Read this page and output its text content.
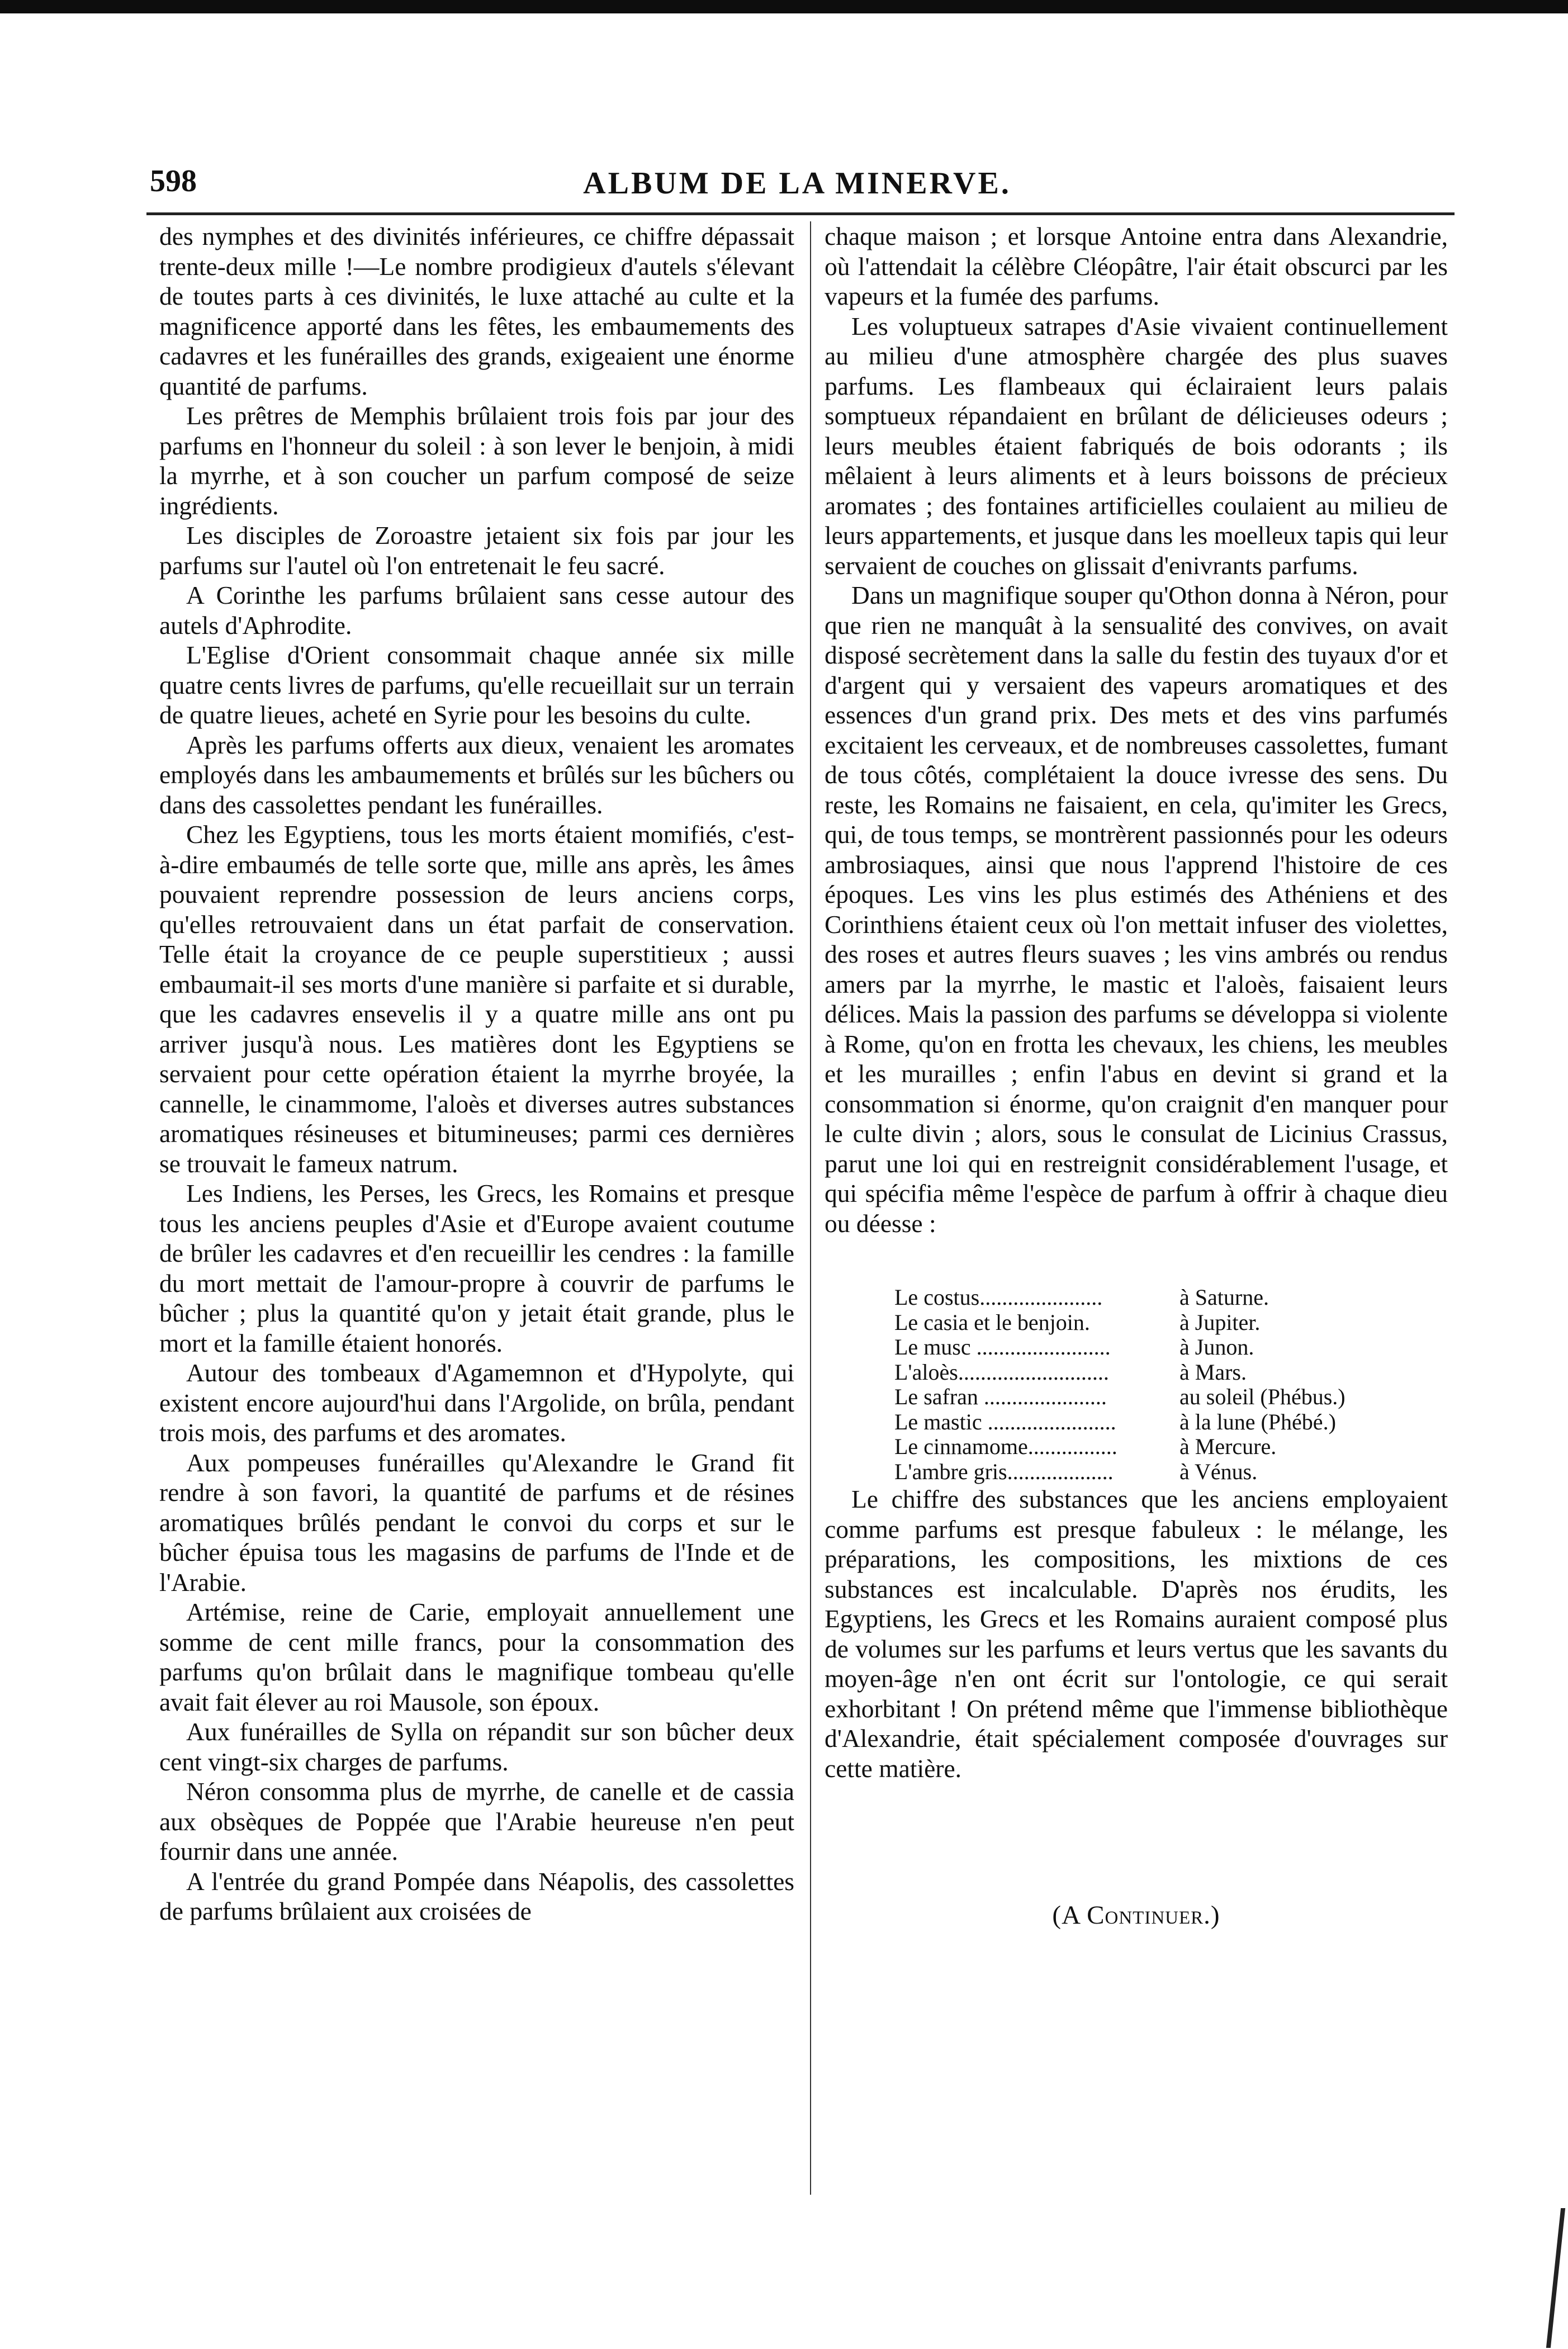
598	ALBUM DE LA MINERVE.

des nymphes et des divinités inférieures, ce chiffre dépassait trente-deux mille !—Le nombre prodigieux d'autels s'élevant de toutes parts à ces divinités, le luxe attaché au culte et la magnificence apporté dans les fêtes, les embaumements des cadavres et les funérailles des grands, exigeaient une énorme quantité de parfums.

Les prêtres de Memphis brûlaient trois fois par jour des parfums en l'honneur du soleil : à son lever le benjoin, à midi la myrrhe, et à son coucher un parfum composé de seize ingrédients.

Les disciples de Zoroastre jetaient six fois par jour les parfums sur l'autel où l'on entretenait le feu sacré.

A Corinthe les parfums brûlaient sans cesse autour des autels d'Aphrodite.

L'Eglise d'Orient consommait chaque année six mille quatre cents livres de parfums, qu'elle recueillait sur un terrain de quatre lieues, acheté en Syrie pour les besoins du culte.

Après les parfums offerts aux dieux, venaient les aromates employés dans les ambaumements et brûlés sur les bûchers ou dans des cassolettes pendant les funérailles.

Chez les Egyptiens, tous les morts étaient momifiés, c'est-à-dire embaumés de telle sorte que, mille ans après, les âmes pouvaient reprendre possession de leurs anciens corps, qu'elles retrouvaient dans un état parfait de conservation. Telle était la croyance de ce peuple superstitieux ; aussi embaumait-il ses morts d'une manière si parfaite et si durable, que les cadavres ensevelis il y a quatre mille ans ont pu arriver jusqu'à nous. Les matières dont les Egyptiens se servaient pour cette opération étaient la myrrhe broyée, la cannelle, le cinammome, l'aloès et diverses autres substances aromatiques résineuses et bitumineuses; parmi ces dernières se trouvait le fameux natrum.

Les Indiens, les Perses, les Grecs, les Romains et presque tous les anciens peuples d'Asie et d'Europe avaient coutume de brûler les cadavres et d'en recueillir les cendres : la famille du mort mettait de l'amour-propre à couvrir de parfums le bûcher ; plus la quantité qu'on y jetait était grande, plus le mort et la famille étaient honorés.

Autour des tombeaux d'Agamemnon et d'Hypolyte, qui existent encore aujourd'hui dans l'Argolide, on brûla, pendant trois mois, des parfums et des aromates.

Aux pompeuses funérailles qu'Alexandre le Grand fit rendre à son favori, la quantité de parfums et de résines aromatiques brûlés pendant le convoi du corps et sur le bûcher épuisa tous les magasins de parfums de l'Inde et de l'Arabie.

Artémise, reine de Carie, employait annuellement une somme de cent mille francs, pour la consommation des parfums qu'on brûlait dans le magnifique tombeau qu'elle avait fait élever au roi Mausole, son époux.

Aux funérailles de Sylla on répandit sur son bûcher deux cent vingt-six charges de parfums.

Néron consomma plus de myrrhe, de canelle et de cassia aux obsèques de Poppée que l'Arabie heureuse n'en peut fournir dans une année.

A l'entrée du grand Pompée dans Néapolis, des cassolettes de parfums brûlaient aux croisées de

chaque maison ; et lorsque Antoine entra dans Alexandrie, où l'attendait la célèbre Cléopâtre, l'air était obscurci par les vapeurs et la fumée des parfums.

Les voluptueux satrapes d'Asie vivaient continuellement au milieu d'une atmosphère chargée des plus suaves parfums. Les flambeaux qui éclairaient leurs palais somptueux répandaient en brûlant de délicieuses odeurs ; leurs meubles étaient fabriqués de bois odorants ; ils mêlaient à leurs aliments et à leurs boissons de précieux aromates ; des fontaines artificielles coulaient au milieu de leurs appartements, et jusque dans les moelleux tapis qui leur servaient de couches on glissait d'enivrants parfums.

Dans un magnifique souper qu'Othon donna à Néron, pour que rien ne manquât à la sensualité des convives, on avait disposé secrètement dans la salle du festin des tuyaux d'or et d'argent qui y versaient des vapeurs aromatiques et des essences d'un grand prix. Des mets et des vins parfumés excitaient les cerveaux, et de nombreuses cassolettes, fumant de tous côtés, complétaient la douce ivresse des sens. Du reste, les Romains ne faisaient, en cela, qu'imiter les Grecs, qui, de tous temps, se montrèrent passionnés pour les odeurs ambrosiaques, ainsi que nous l'apprend l'histoire de ces époques. Les vins les plus estimés des Athéniens et des Corinthiens étaient ceux où l'on mettait infuser des violettes, des roses et autres fleurs suaves ; les vins ambrés ou rendus amers par la myrrhe, le mastic et l'aloès, faisaient leurs délices. Mais la passion des parfums se développa si violente à Rome, qu'on en frotta les chevaux, les chiens, les meubles et les murailles ; enfin l'abus en devint si grand et la consommation si énorme, qu'on craignit d'en manquer pour le culte divin ; alors, sous le consulat de Licinius Crassus, parut une loi qui en restreignit considérablement l'usage, et qui spécifia même l'espèce de parfum à offrir à chaque dieu ou déesse :

Le costus......................	à Saturne.
Le casia et le benjoin.	à Jupiter.
Le musc ........................	à Junon.
L'aloès...........................	à Mars.
Le safran ......................	au soleil (Phébus.)
Le mastic .......................	à la lune (Phébé.)
Le cinnamome................	à Mercure.
L'ambre gris...................	à Vénus.

Le chiffre des substances que les anciens employaient comme parfums est presque fabuleux : le mélange, les préparations, les compositions, les mixtions de ces substances est incalculable. D'après nos érudits, les Egyptiens, les Grecs et les Romains auraient composé plus de volumes sur les parfums et leurs vertus que les savants du moyen-âge n'en ont écrit sur l'ontologie, ce qui serait exhorbitant ! On prétend même que l'immense bibliothèque d'Alexandrie, était spécialement composée d'ouvrages sur cette matière.

(A Continuer.)
